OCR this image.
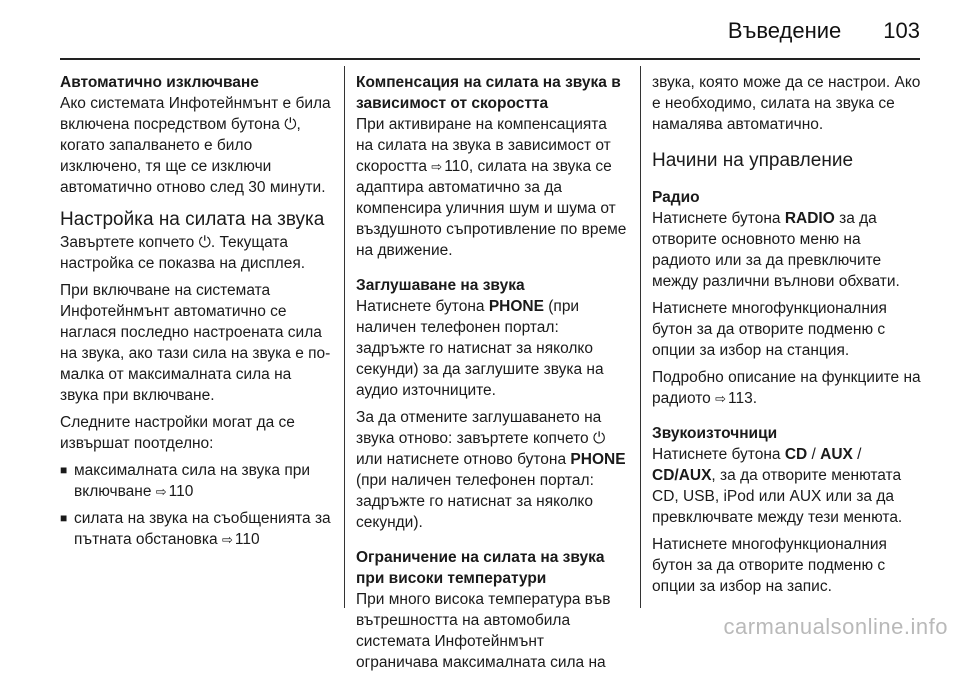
Въведение 103
Автоматично изключване

Ако системата Инфотейнмънт е била включена посредством бутона ⏻, когато запалването е било изключено, тя ще се изключи автоматично отново след 30 минути.

Настройка на силата на звука

Завъртете копчето ⏻. Текущата настройка се показва на дисплея.

При включване на системата Инфотейнмънт автоматично се наглася последно настроената сила на звука, ако тази сила на звука е по-малка от максималната сила на звука при включване.

Следните настройки могат да се извършат поотделно:

■ максималната сила на звука при включване ⇨ 110
■ силата на звука на съобщенията за пътната обстановка ⇨ 110
Компенсация на силата на звука в зависимост от скоростта

При активиране на компенсацията на силата на звука в зависимост от скоростта ⇨ 110, силата на звука се адаптира автоматично за да компенсира уличния шум и шума от въздушното съпротивление по време на движение.

Заглушаване на звука

Натиснете бутона PHONE (при наличен телефонен портал: задръжте го натиснат за няколко секунди) за да заглушите звука на аудио източниците.

За да отмените заглушаването на звука отново: завъртете копчето ⏻ или натиснете отново бутона PHONE (при наличен телефонен портал: задръжте го натиснат за няколко секунди).

Ограничение на силата на звука при високи температури

При много висока температура във вътрешността на автомобила системата Инфотейнмънт ограничава максималната сила на

звука, която може да се настрои. Ако е необходимо, силата на звука се намалява автоматично.

Начини на управление
Радио

Натиснете бутона RADIO за да отворите основното меню на радиото или за да превключите между различни вълнови обхвати.

Натиснете многофункционалния бутон за да отворите подменю с опции за избор на станция.

Подробно описание на функциите на радиото ⇨ 113.

Звукоизточници

Натиснете бутона CD / AUX / CD/AUX, за да отворите менютата CD, USB, iPod или AUX или за да превключвате между тези менюта.

Натиснете многофункционалния бутон за да отворите подменю с опции за избор на запис.

carmanualsonline.info
